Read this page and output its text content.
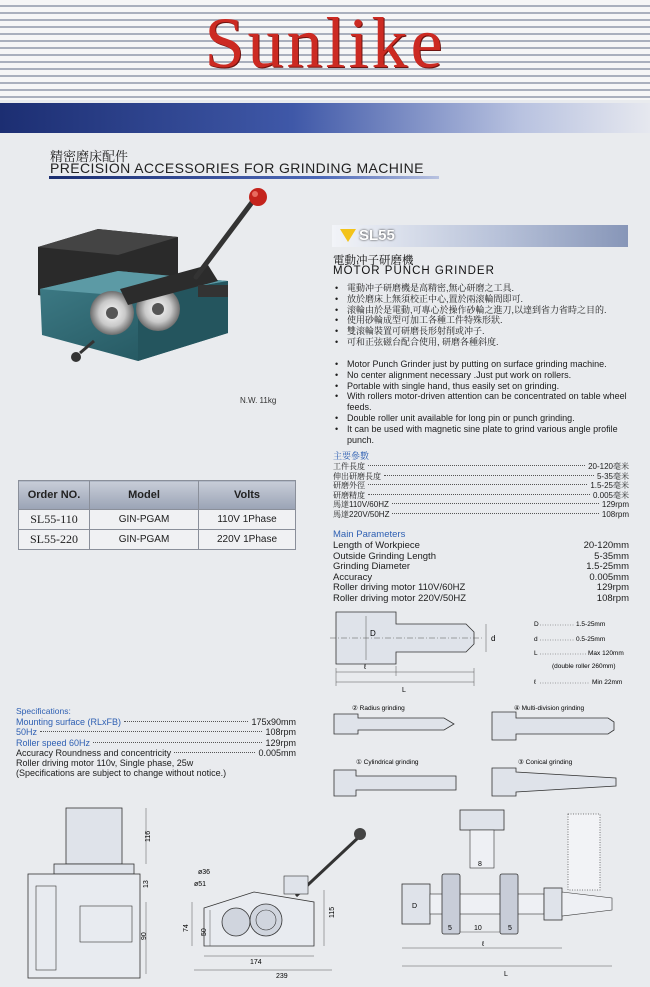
Sunlike
精密磨床配件
PRECISION ACCESSORIES FOR GRINDING MACHINE
N.W. 11kg
SL55
電動冲子研磨機
MOTOR PUNCH GRINDER
• 電動冲子研磨機是高精密,無心研磨之工具.
• 放於磨床上無須校正中心,置於兩滚輪間即可.
• 滚輪由於是電動,可專心於操作砂輪之進刀,以達到省力省時之目的.
• 使用砂輪成型可加工各種工件特殊形狀.
• 雙滚輪裝置可研磨長形射削或冲子.
• 可和正弦磁台配合使用, 研磨各種斜度.
• Motor Punch Grinder just by putting on surface grinding machine.
• No center alignment necessary .Just put work on rollers.
• Portable with single hand, thus easily set on grinding.
• With rollers motor-driven attention can be concentrated on table wheel feeds.
• Double roller unit available for long pin or punch grinding.
• It can be used with magnetic sine plate to grind various angle profile punch.
主要參數
工件長度	20-120毫米
伸出研磨長度	5-35毫米
研磨外徑	1.5-25毫米
研磨精度	0.005毫米
馬達110V/60HZ	129rpm
馬達220V/50HZ	108rpm
Main Parameters
Length of Workpiece	20-120mm
Outside Grinding Length	5-35mm
Grinding Diameter	1.5-25mm
Accuracy	0.005mm
Roller driving motor 110V/60HZ	129rpm
Roller driving motor 220V/50HZ	108rpm
Order NO.	Model	Volts
SL55-110	GIN-PGAM	110V 1Phase
SL55-220	GIN-PGAM	220V 1Phase
Specifications:
Mounting surface (RLxFB)	175x90mm
50Hz	108rpm
Roller speed 60Hz	129rpm
Accuracy Roundness and concentricity	0.005mm
Roller driving motor 110v, Single phase, 25w
(Specifications are subject to change without notice.)
D
d
ℓ
L
D	1.5-25mm
d	0.5-25mm
L	Max 120mm
(double roller 260mm)
ℓ	Min 22mm
② Radius grinding	④ Multi-division grinding
① Cylindrical grinding	③ Conical grinding
116
13
90
ø36
ø51
74
50
115
174
239
8
D
10
5	5
ℓ
L
